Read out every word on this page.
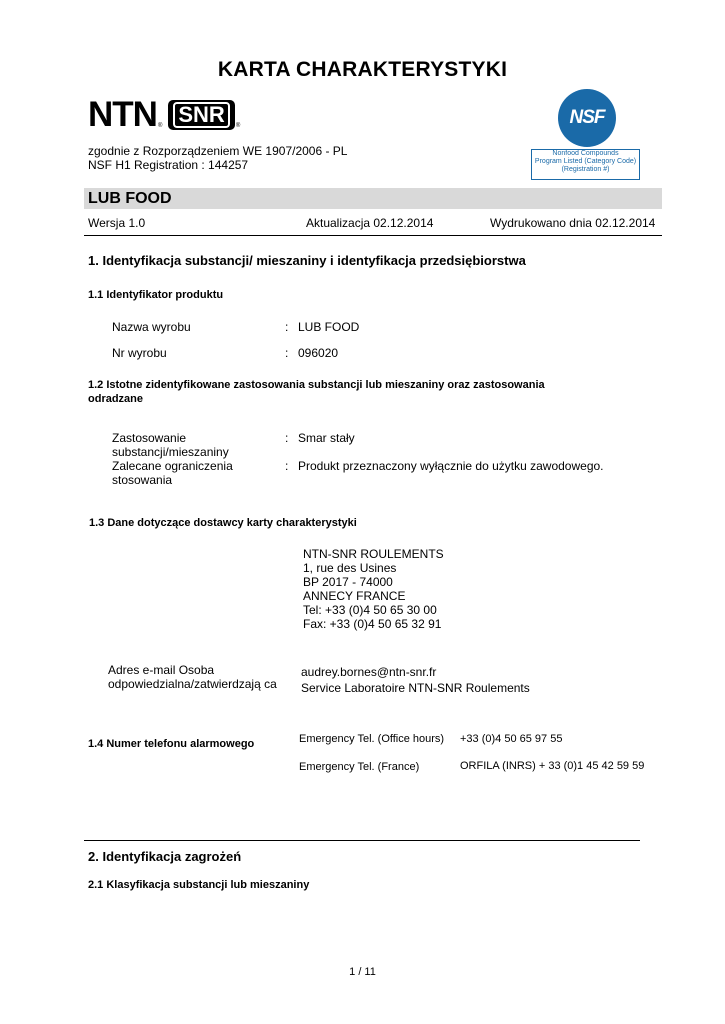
KARTA CHARAKTERYSTYKI
NTN ® SNR	®
zgodnie z Rozporządzeniem WE 1907/2006 - PL
NSF H1 Registration : 144257
NSF
Nonfood Compounds
Program Listed (Category Code)
(Registration #)
LUB FOOD
Wersja 1.0	Aktualizacja 02.12.2014	Wydrukowano dnia 02.12.2014
1. Identyfikacja substancji/ mieszaniny i identyfikacja przedsiębiorstwa
1.1 Identyfikator produktu
Nazwa wyrobu	: LUB FOOD
Nr wyrobu	: 096020
1.2 Istotne zidentyfikowane zastosowania substancji lub mieszaniny oraz zastosowania
odradzane
Zastosowanie
substancji/mieszaniny
: Smar stały
Zalecane ograniczenia
stosowania
: Produkt przeznaczony wyłącznie do użytku zawodowego.
1.3 Dane dotyczące dostawcy karty charakterystyki
NTN-SNR ROULEMENTS
1, rue des Usines
BP 2017 - 74000
ANNECY FRANCE
Tel: +33 (0)4 50 65 30 00
Fax: +33 (0)4 50 65 32 91
Adres e-mail Osoba
odpowiedzialna/zatwierdzają ca
audrey.bornes@ntn-snr.fr
Service Laboratoire NTN-SNR Roulements
1.4 Numer telefonu alarmowego	Emergency Tel. (Office hours) +33 (0)4 50 65 97 55
Emergency Tel. (France)	ORFILA (INRS) + 33 (0)1 45 42 59 59
2. Identyfikacja zagrożeń
2.1 Klasyfikacja substancji lub mieszaniny
1 / 11
